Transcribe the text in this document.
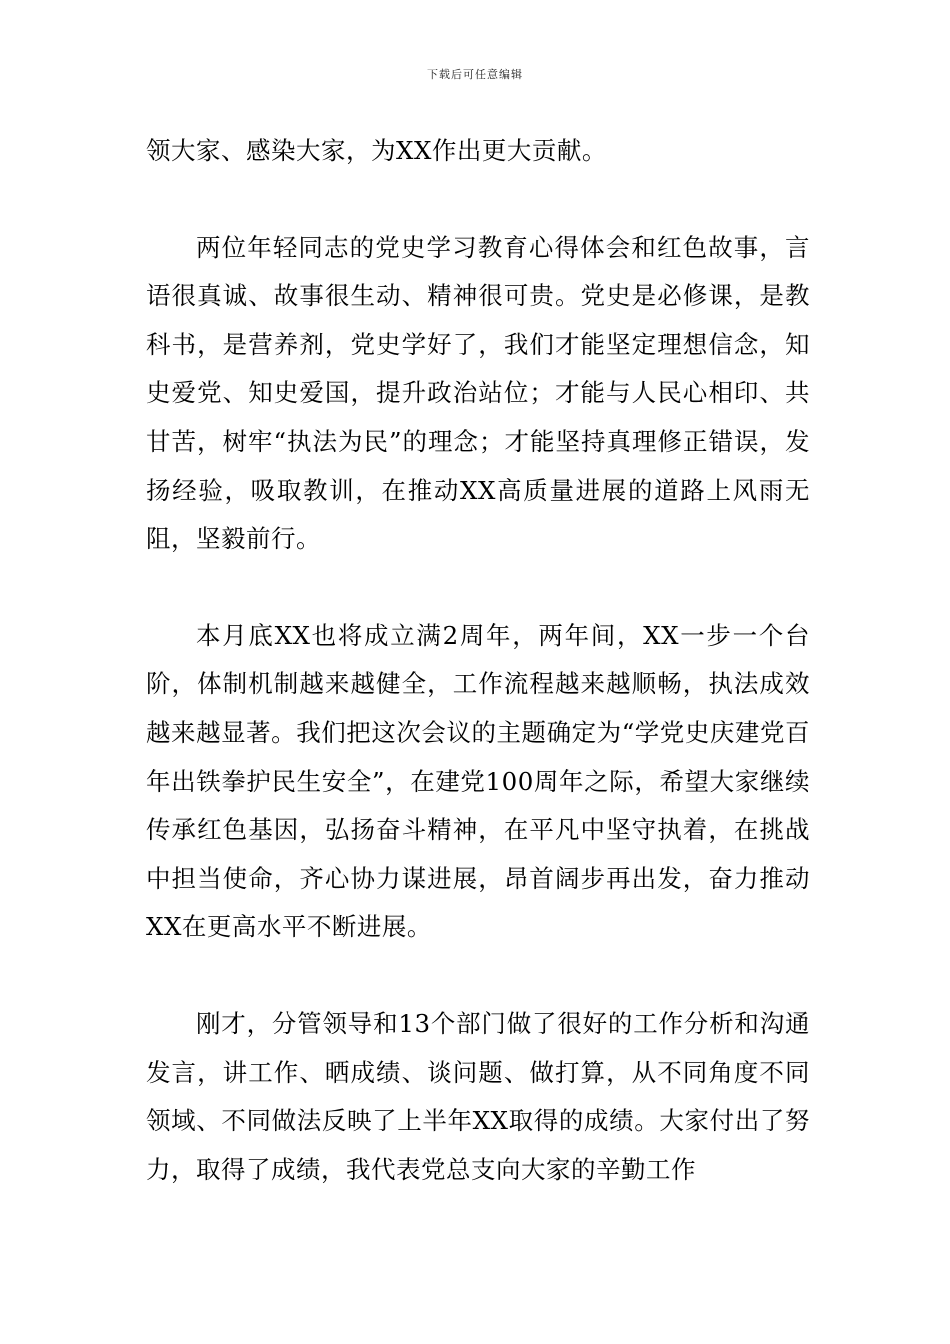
下载后可任意编辑

领大家、感染大家，为XX作出更大贡献。

两位年轻同志的党史学习教育心得体会和红色故事，言语很真诚、故事很生动、精神很可贵。党史是必修课，是教科书，是营养剂，党史学好了，我们才能坚定理想信念，知史爱党、知史爱国，提升政治站位；才能与人民心相印、共甘苦，树牢“执法为民”的理念；才能坚持真理修正错误，发扬经验，吸取教训，在推动XX高质量进展的道路上风雨无阻，坚毅前行。

本月底XX也将成立满2周年，两年间，XX一步一个台阶，体制机制越来越健全，工作流程越来越顺畅，执法成效越来越显著。我们把这次会议的主题确定为“学党史庆建党百年出铁拳护民生安全”，在建党100周年之际，希望大家继续传承红色基因，弘扬奋斗精神，在平凡中坚守执着，在挑战中担当使命，齐心协力谋进展，昂首阔步再出发，奋力推动XX在更高水平不断进展。

刚才，分管领导和13个部门做了很好的工作分析和沟通发言，讲工作、晒成绩、谈问题、做打算，从不同角度不同领域、不同做法反映了上半年XX取得的成绩。大家付出了努力，取得了成绩，我代表党总支向大家的辛勤工作
